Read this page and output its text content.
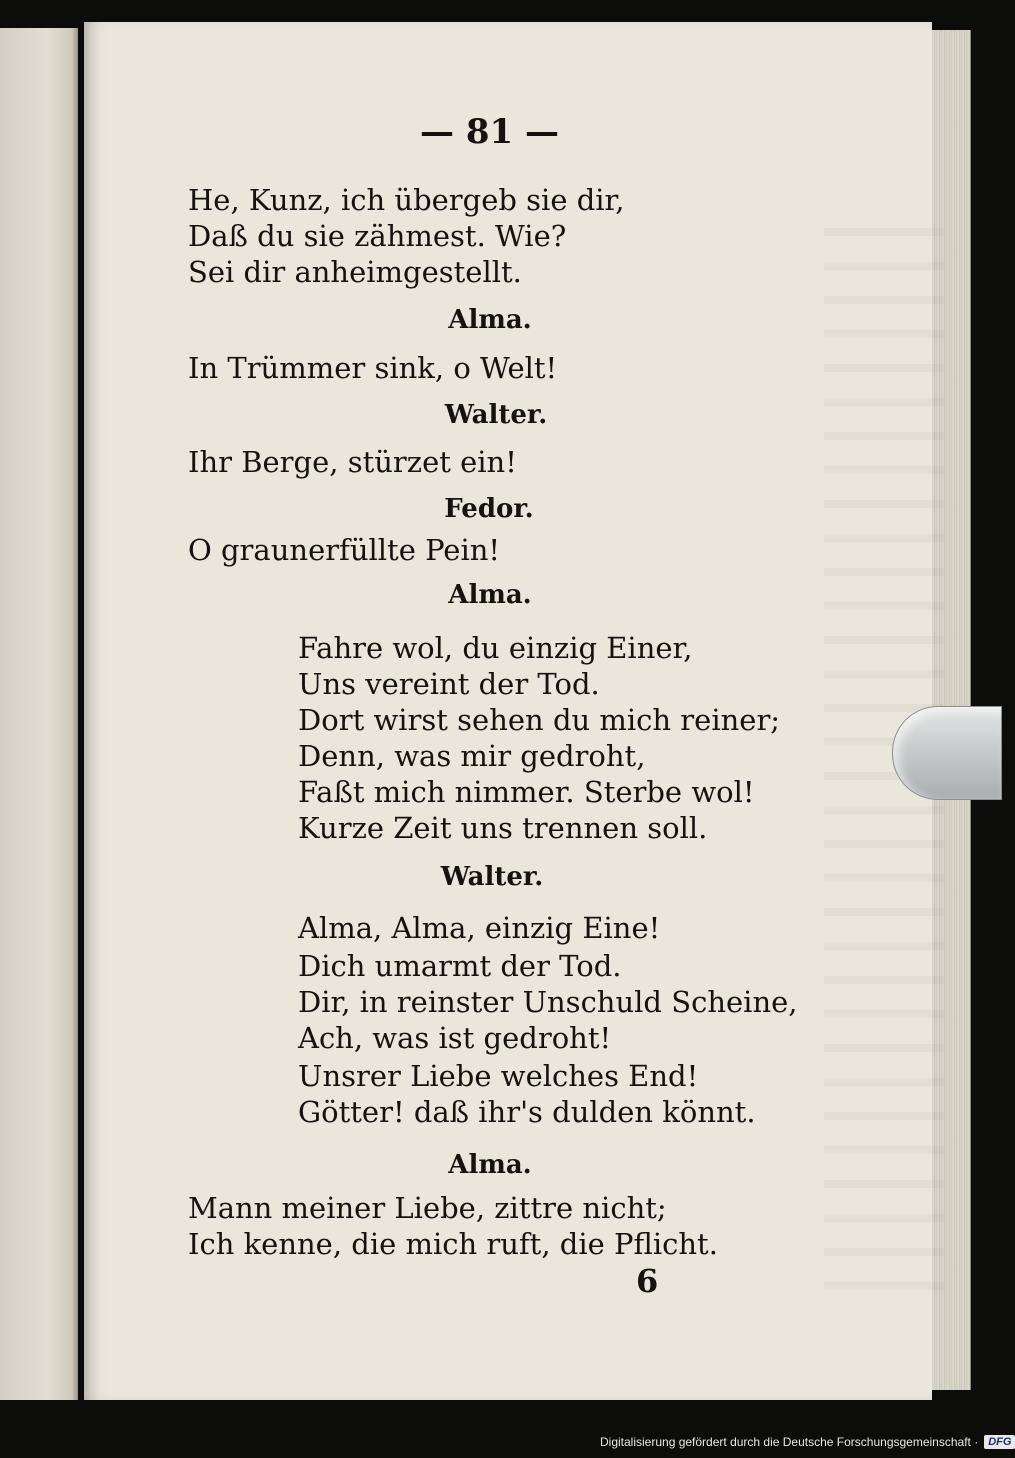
— 81 —
He, Kunz, ich übergeb sie dir,
Daß du sie zähmest. Wie?
Sei dir anheimgestellt.
Alma.
In Trümmer sink, o Welt!
Walter.
Ihr Berge, stürzet ein!
Fedor.
O graunerfüllte Pein!
Alma.
Fahre wol, du einzig Einer,
Uns vereint der Tod.
Dort wirst sehen du mich reiner;
Denn, was mir gedroht,
Faßt mich nimmer. Sterbe wol!
Kurze Zeit uns trennen soll.
Walter.
Alma, Alma, einzig Eine!
Dich umarmt der Tod.
Dir, in reinster Unschuld Scheine,
Ach, was ist gedroht!
Unsrer Liebe welches End!
Götter! daß ihr's dulden könnt.
Alma.
Mann meiner Liebe, zittre nicht;
Ich kenne, die mich ruft, die Pflicht.
6
Digitalisierung gefördert durch die Deutsche Forschungsgemeinschaft · DFG
